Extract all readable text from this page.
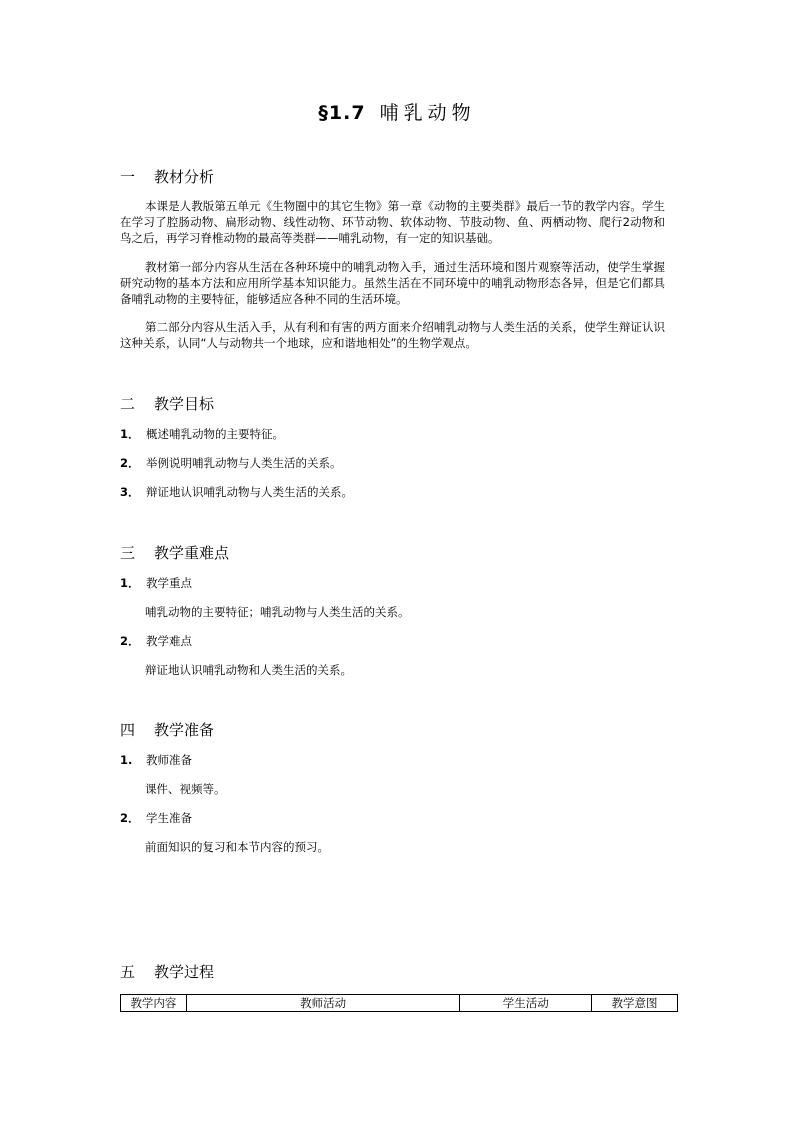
§1.7 哺乳动物
一 教材分析
本课是人教版第五单元《生物圈中的其它生物》第一章《动物的主要类群》最后一节的教学内容。学生在学习了腔肠动物、扁形动物、线性动物、环节动物、软体动物、节肢动物、鱼、两栖动物、爬行2动物和鸟之后，再学习脊椎动物的最高等类群——哺乳动物，有一定的知识基础。
教材第一部分内容从生活在各种环境中的哺乳动物入手，通过生活环境和图片观察等活动，使学生掌握研究动物的基本方法和应用所学基本知识能力。虽然生活在不同环境中的哺乳动物形态各异，但是它们都具备哺乳动物的主要特征，能够适应各种不同的生活环境。
第二部分内容从生活入手，从有利和有害的两方面来介绍哺乳动物与人类生活的关系，使学生辩证认识这种关系，认同“人与动物共一个地球，应和谐地相处”的生物学观点。
二 教学目标
1． 概述哺乳动物的主要特征。
2． 举例说明哺乳动物与人类生活的关系。
3． 辩证地认识哺乳动物与人类生活的关系。
三 教学重难点
1． 教学重点
哺乳动物的主要特征；哺乳动物与人类生活的关系。
2． 教学难点
辩证地认识哺乳动物和人类生活的关系。
四 教学准备
1. 教师准备
课件、视频等。
2． 学生准备
前面知识的复习和本节内容的预习。
五 教学过程
教学内容	教师活动	学生活动	教学意图
